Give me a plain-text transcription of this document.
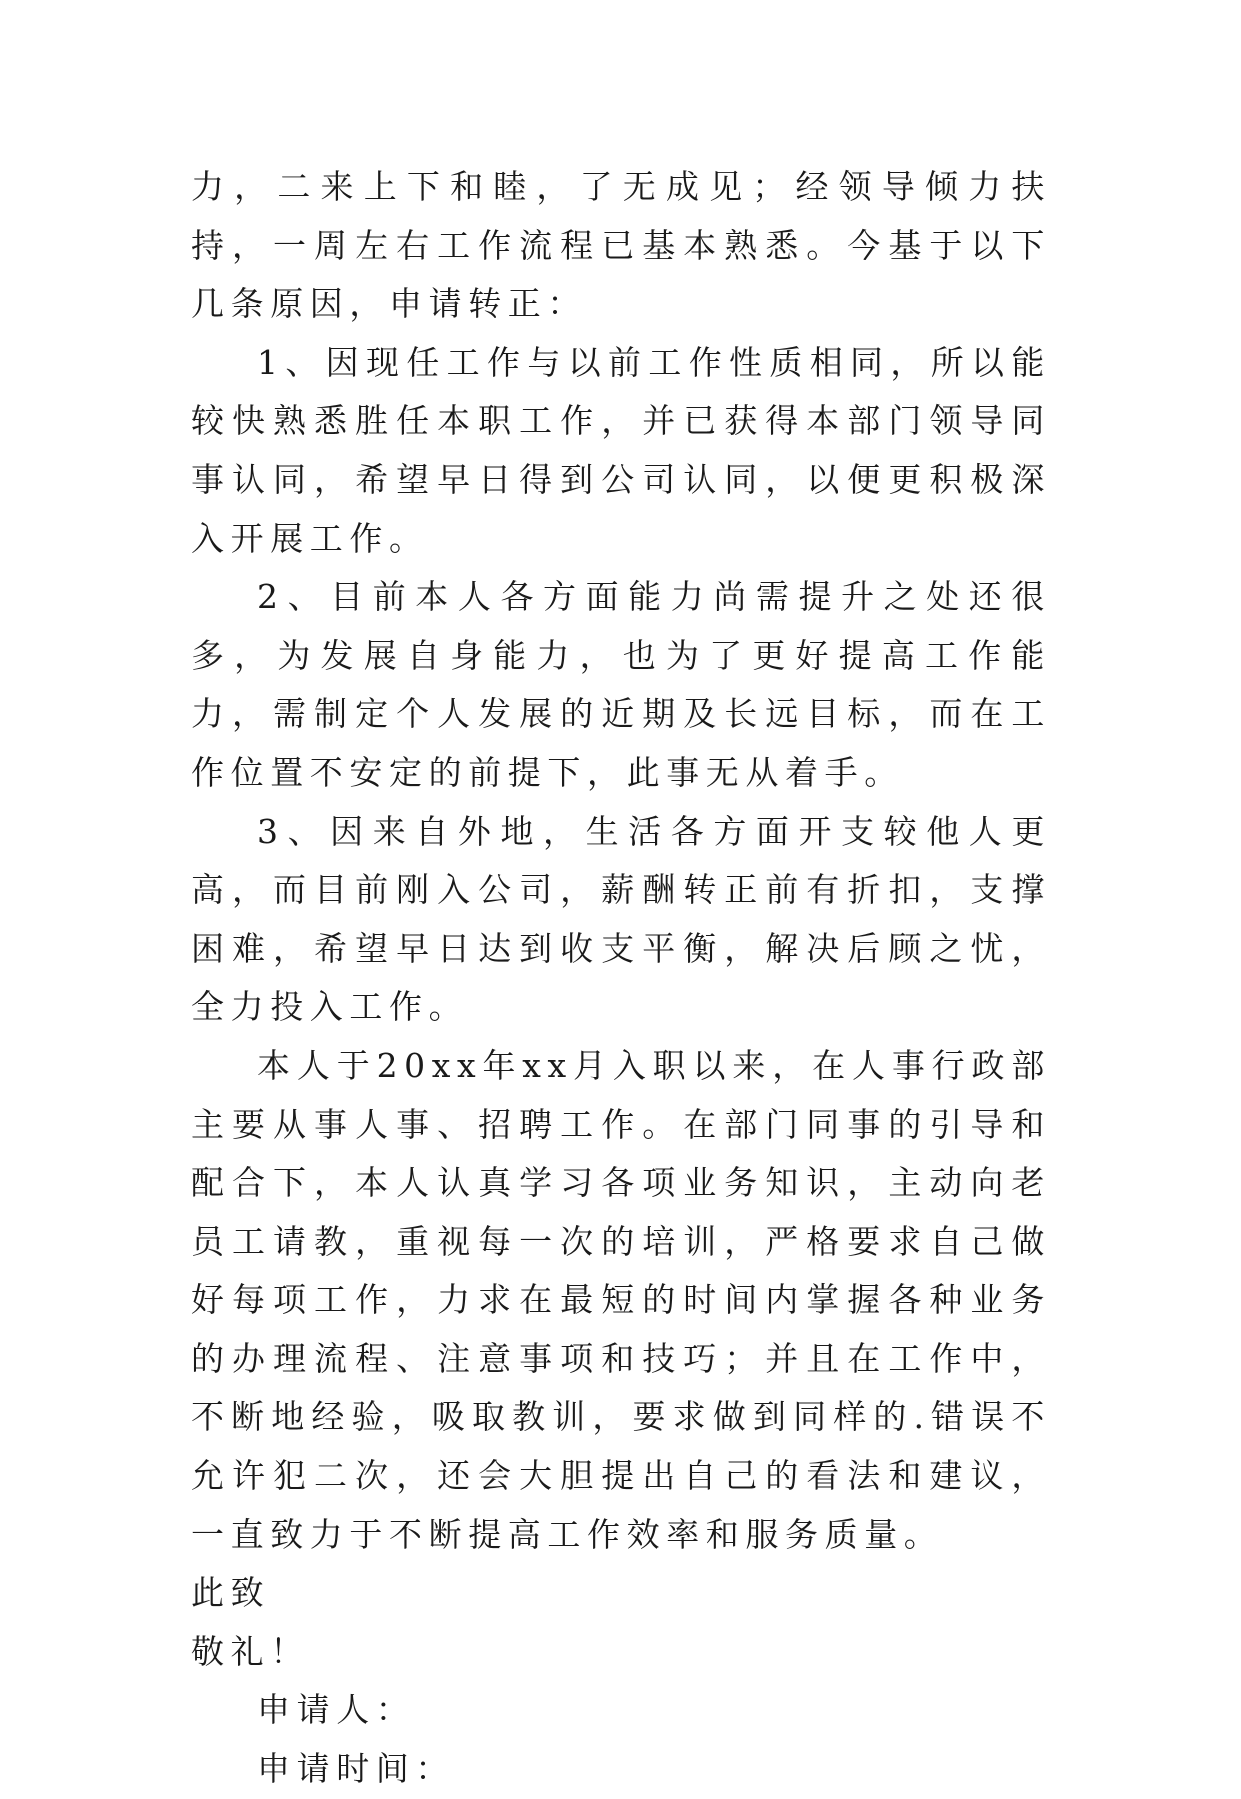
力，二来上下和睦，了无成见；经领导倾力扶持，一周左右工作流程已基本熟悉。今基于以下几条原因，申请转正：

1、因现任工作与以前工作性质相同，所以能较快熟悉胜任本职工作，并已获得本部门领导同事认同，希望早日得到公司认同，以便更积极深入开展工作。

2、目前本人各方面能力尚需提升之处还很多，为发展自身能力，也为了更好提高工作能力，需制定个人发展的近期及长远目标，而在工作位置不安定的前提下，此事无从着手。

3、因来自外地，生活各方面开支较他人更高，而目前刚入公司，薪酬转正前有折扣，支撑困难，希望早日达到收支平衡，解决后顾之忧，全力投入工作。

本人于20xx年xx月入职以来，在人事行政部主要从事人事、招聘工作。在部门同事的引导和配合下，本人认真学习各项业务知识，主动向老员工请教，重视每一次的培训，严格要求自己做好每项工作，力求在最短的时间内掌握各种业务的办理流程、注意事项和技巧；并且在工作中，不断地经验，吸取教训，要求做到同样的.错误不允许犯二次，还会大胆提出自己的看法和建议，一直致力于不断提高工作效率和服务质量。

此致

敬礼！

申请人：

申请时间：
